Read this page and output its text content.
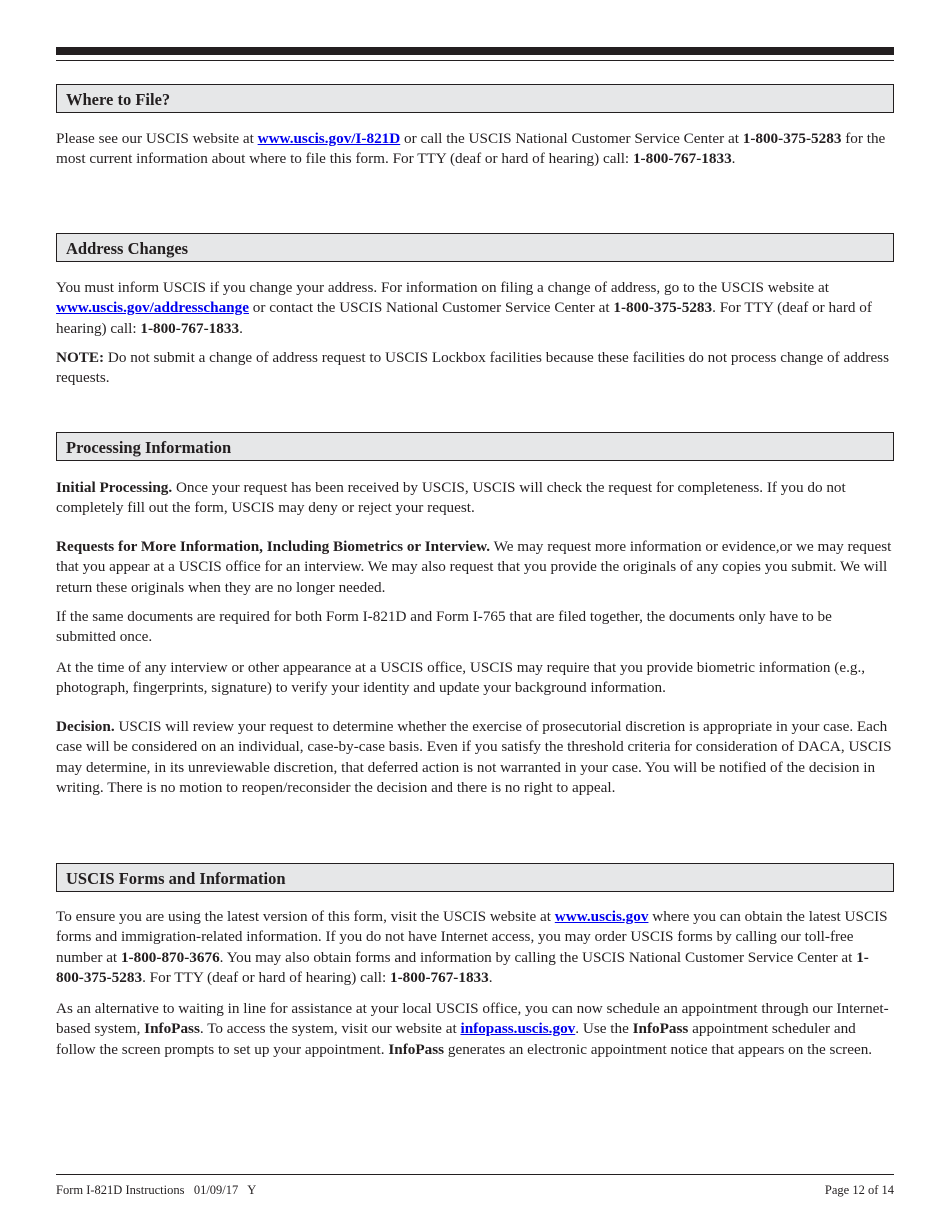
Where to File?

Please see our USCIS website at www.uscis.gov/I-821D or call the USCIS National Customer Service Center at 1-800-375-5283 for the most current information about where to file this form. For TTY (deaf or hard of hearing) call: 1-800-767-1833.

Address Changes

You must inform USCIS if you change your address. For information on filing a change of address, go to the USCIS website at www.uscis.gov/addresschange or contact the USCIS National Customer Service Center at 1-800-375-5283. For TTY (deaf or hard of hearing) call: 1-800-767-1833.

NOTE: Do not submit a change of address request to USCIS Lockbox facilities because these facilities do not process change of address requests.

Processing Information

Initial Processing. Once your request has been received by USCIS, USCIS will check the request for completeness. If you do not completely fill out the form, USCIS may deny or reject your request.

Requests for More Information, Including Biometrics or Interview. We may request more information or evidence,or we may request that you appear at a USCIS office for an interview. We may also request that you provide the originals of any copies you submit. We will return these originals when they are no longer needed.

If the same documents are required for both Form I-821D and Form I-765 that are filed together, the documents only have to be submitted once.

At the time of any interview or other appearance at a USCIS office, USCIS may require that you provide biometric information (e.g., photograph, fingerprints, signature) to verify your identity and update your background information.

Decision. USCIS will review your request to determine whether the exercise of prosecutorial discretion is appropriate in your case. Each case will be considered on an individual, case-by-case basis. Even if you satisfy the threshold criteria for consideration of DACA, USCIS may determine, in its unreviewable discretion, that deferred action is not warranted in your case. You will be notified of the decision in writing. There is no motion to reopen/reconsider the decision and there is no right to appeal.

USCIS Forms and Information

To ensure you are using the latest version of this form, visit the USCIS website at www.uscis.gov where you can obtain the latest USCIS forms and immigration-related information. If you do not have Internet access, you may order USCIS forms by calling our toll-free number at 1-800-870-3676. You may also obtain forms and information by calling the USCIS National Customer Service Center at 1-800-375-5283. For TTY (deaf or hard of hearing) call: 1-800-767-1833.

As an alternative to waiting in line for assistance at your local USCIS office, you can now schedule an appointment through our Internet-based system, InfoPass. To access the system, visit our website at infopass.uscis.gov. Use the InfoPass appointment scheduler and follow the screen prompts to set up your appointment. InfoPass generates an electronic appointment notice that appears on the screen.

Form I-821D Instructions   01/09/17   Y	Page 12 of 14
